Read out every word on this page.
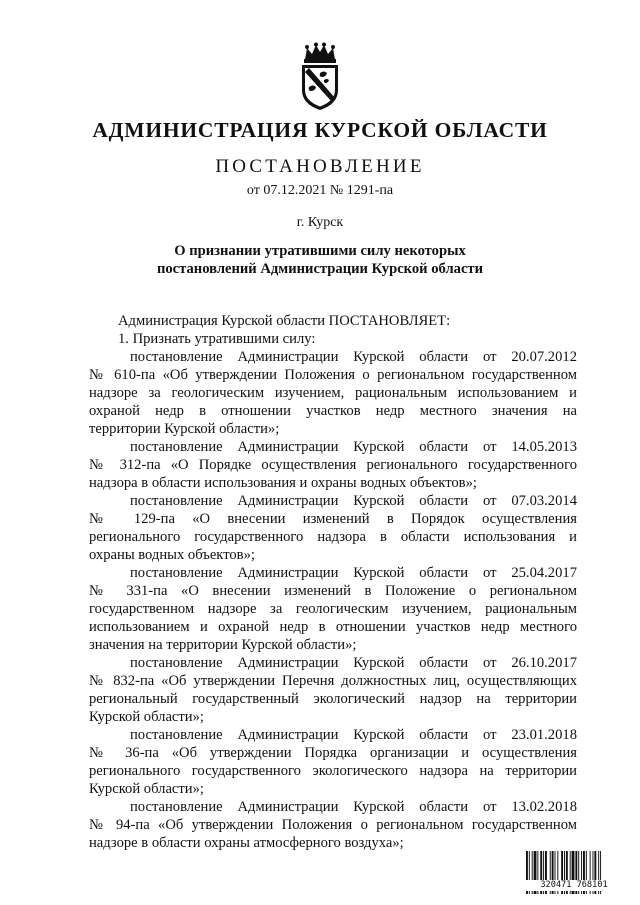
АДМИНИСТРАЦИЯ КУРСКОЙ ОБЛАСТИ
ПОСТАНОВЛЕНИЕ
от 07.12.2021 № 1291-па
г. Курск
О признании утратившими силу некоторых
постановлений Администрации Курской области
Администрация Курской области ПОСТАНОВЛЯЕТ:
1. Признать утратившими силу:
постановление Администрации Курской области от 20.07.2012
№ 610-па «Об утверждении Положения о региональном государственном
надзоре за геологическим изучением, рациональным использованием и
охраной недр в отношении участков недр местного значения на
территории Курской области»;
постановление Администрации Курской области от 14.05.2013
№ 312-па «О Порядке осуществления регионального государственного
надзора в области использования и охраны водных объектов»;
постановление Администрации Курской области от 07.03.2014
№ 129-па «О внесении изменений в Порядок осуществления
регионального государственного надзора в области использования и
охраны водных объектов»;
постановление Администрации Курской области от 25.04.2017
№ 331-па «О внесении изменений в Положение о региональном
государственном надзоре за геологическим изучением, рациональным
использованием и охраной недр в отношении участков недр местного
значения на территории Курской области»;
постановление Администрации Курской области от 26.10.2017
№ 832-па «Об утверждении Перечня должностных лиц, осуществляющих
региональный государственный экологический надзор на территории
Курской области»;
постановление Администрации Курской области от 23.01.2018
№ 36-па «Об утверждении Порядка организации и осуществления
регионального государственного экологического надзора на территории
Курской области»;
постановление Администрации Курской области от 13.02.2018
№ 94-па «Об утверждении Положения о региональном государственном
надзоре в области охраны атмосферного воздуха»;
320471 768101
